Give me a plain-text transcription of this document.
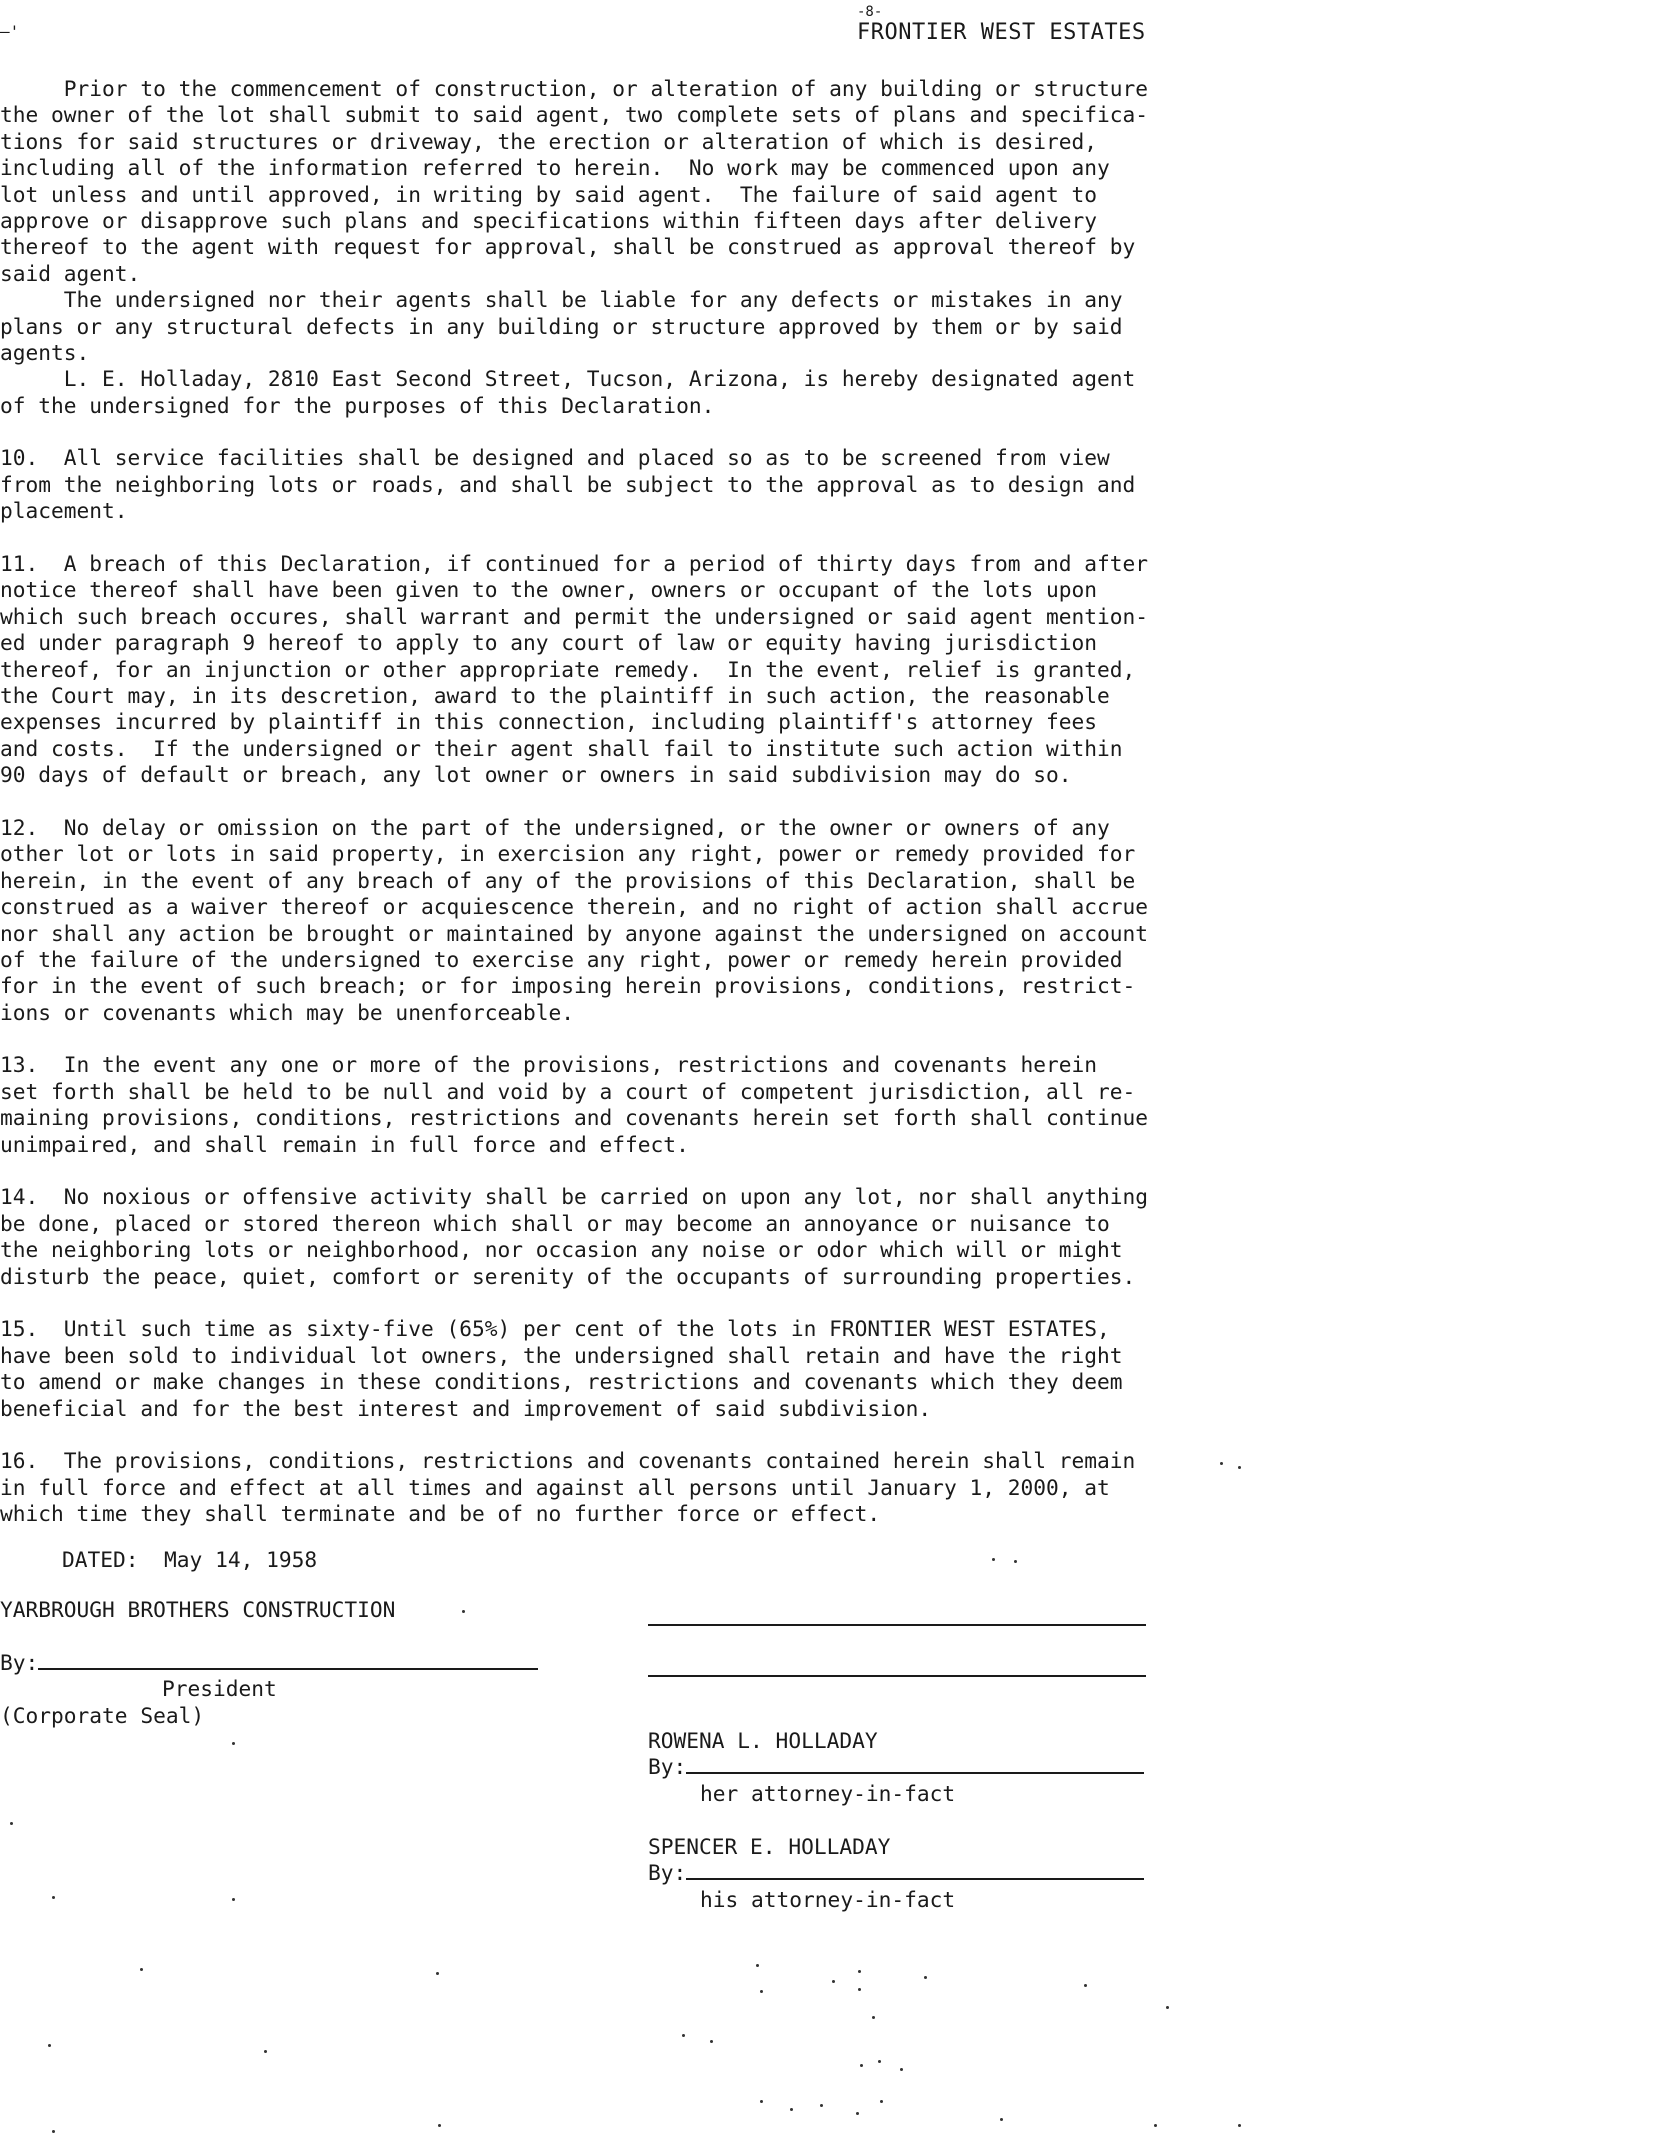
—'
-8-
FRONTIER WEST ESTATES
Prior to the commencement of construction, or alteration of any building or structure
the owner of the lot shall submit to said agent, two complete sets of plans and specifica-
tions for said structures or driveway, the erection or alteration of which is desired,
including all of the information referred to herein.  No work may be commenced upon any
lot unless and until approved, in writing by said agent.  The failure of said agent to
approve or disapprove such plans and specifications within fifteen days after delivery
thereof to the agent with request for approval, shall be construed as approval thereof by
said agent.
The undersigned nor their agents shall be liable for any defects or mistakes in any
plans or any structural defects in any building or structure approved by them or by said
agents.
L. E. Holladay, 2810 East Second Street, Tucson, Arizona, is hereby designated agent
of the undersigned for the purposes of this Declaration.
10.  All service facilities shall be designed and placed so as to be screened from view
from the neighboring lots or roads, and shall be subject to the approval as to design and
placement.
11.  A breach of this Declaration, if continued for a period of thirty days from and after
notice thereof shall have been given to the owner, owners or occupant of the lots upon
which such breach occures, shall warrant and permit the undersigned or said agent mention-
ed under paragraph 9 hereof to apply to any court of law or equity having jurisdiction
thereof, for an injunction or other appropriate remedy.  In the event, relief is granted,
the Court may, in its descretion, award to the plaintiff in such action, the reasonable
expenses incurred by plaintiff in this connection, including plaintiff's attorney fees
and costs.  If the undersigned or their agent shall fail to institute such action within
90 days of default or breach, any lot owner or owners in said subdivision may do so.
12.  No delay or omission on the part of the undersigned, or the owner or owners of any
other lot or lots in said property, in exercision any right, power or remedy provided for
herein, in the event of any breach of any of the provisions of this Declaration, shall be
construed as a waiver thereof or acquiescence therein, and no right of action shall accrue
nor shall any action be brought or maintained by anyone against the undersigned on account
of the failure of the undersigned to exercise any right, power or remedy herein provided
for in the event of such breach; or for imposing herein provisions, conditions, restrict-
ions or covenants which may be unenforceable.
13.  In the event any one or more of the provisions, restrictions and covenants herein
set forth shall be held to be null and void by a court of competent jurisdiction, all re-
maining provisions, conditions, restrictions and covenants herein set forth shall continue
unimpaired, and shall remain in full force and effect.
14.  No noxious or offensive activity shall be carried on upon any lot, nor shall anything
be done, placed or stored thereon which shall or may become an annoyance or nuisance to
the neighboring lots or neighborhood, nor occasion any noise or odor which will or might
disturb the peace, quiet, comfort or serenity of the occupants of surrounding properties.
15.  Until such time as sixty-five (65%) per cent of the lots in FRONTIER WEST ESTATES,
have been sold to individual lot owners, the undersigned shall retain and have the right
to amend or make changes in these conditions, restrictions and covenants which they deem
beneficial and for the best interest and improvement of said subdivision.
16.  The provisions, conditions, restrictions and covenants contained herein shall remain
in full force and effect at all times and against all persons until January 1, 2000, at
which time they shall terminate and be of no further force or effect.
DATED:  May 14, 1958
YARBROUGH BROTHERS CONSTRUCTION
By:
President
(Corporate Seal)
ROWENA L. HOLLADAY
By:
her attorney-in-fact
SPENCER E. HOLLADAY
By:
his attorney-in-fact
